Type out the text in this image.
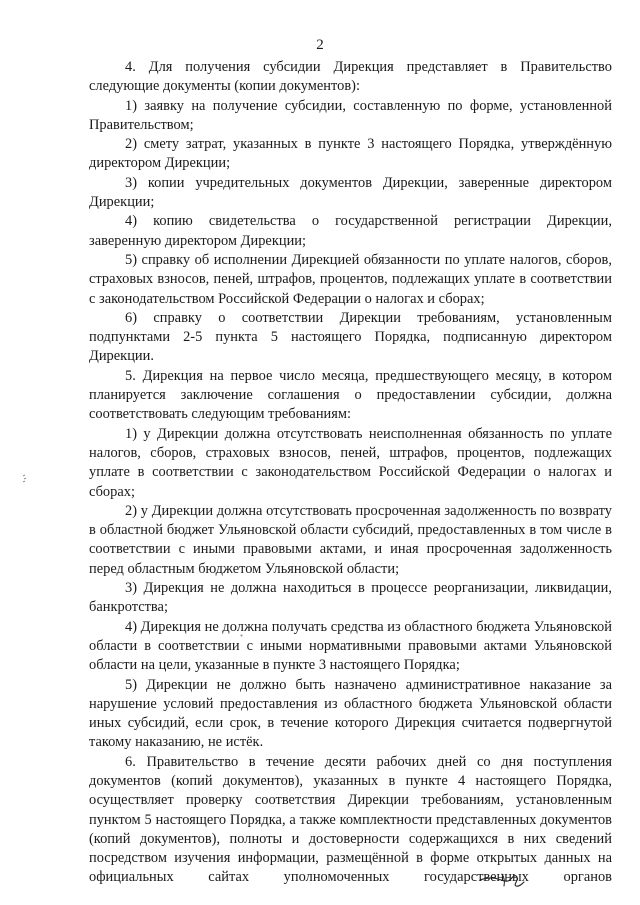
2

4. Для получения субсидии Дирекция представляет в Правительство следующие документы (копии документов):

1) заявку на получение субсидии, составленную по форме, установленной Правительством;

2) смету затрат, указанных в пункте 3 настоящего Порядка, утверждённую директором Дирекции;

3) копии учредительных документов Дирекции, заверенные директором Дирекции;

4) копию свидетельства о государственной регистрации Дирекции, заверенную директором Дирекции;

5) справку об исполнении Дирекцией обязанности по уплате налогов, сборов, страховых взносов, пеней, штрафов, процентов, подлежащих уплате в соответствии с законодательством Российской Федерации о налогах и сборах;

6) справку о соответствии Дирекции требованиям, установленным подпунктами 2-5 пункта 5 настоящего Порядка, подписанную директором Дирекции.

5. Дирекция на первое число месяца, предшествующего месяцу, в котором планируется заключение соглашения о предоставлении субсидии, должна соответствовать следующим требованиям:

1) у Дирекции должна отсутствовать неисполненная обязанность по уплате налогов, сборов, страховых взносов, пеней, штрафов, процентов, подлежащих уплате в соответствии с законодательством Российской Федерации о налогах и сборах;

2) у Дирекции должна отсутствовать просроченная задолженность по возврату в областной бюджет Ульяновской области субсидий, предоставленных в том числе в соответствии с иными правовыми актами, и иная просроченная задолженность перед областным бюджетом Ульяновской области;

3) Дирекция не должна находиться в процессе реорганизации, ликвидации, банкротства;

4) Дирекция не должна получать средства из областного бюджета Ульяновской области в соответствии с иными нормативными правовыми актами Ульяновской области на цели, указанные в пункте 3 настоящего Порядка;

5) Дирекции не должно быть назначено административное наказание за нарушение условий предоставления из областного бюджета Ульяновской области иных субсидий, если срок, в течение которого Дирекция считается подвергнутой такому наказанию, не истёк.

6. Правительство в течение десяти рабочих дней со дня поступления документов (копий документов), указанных в пункте 4 настоящего Порядка, осуществляет проверку соответствия Дирекции требованиям, установленным пунктом 5 настоящего Порядка, а также комплектности представленных документов (копий документов), полноты и достоверности содержащихся в них сведений посредством изучения информации, размещённой в форме открытых данных на официальных сайтах уполномоченных государственных органов
